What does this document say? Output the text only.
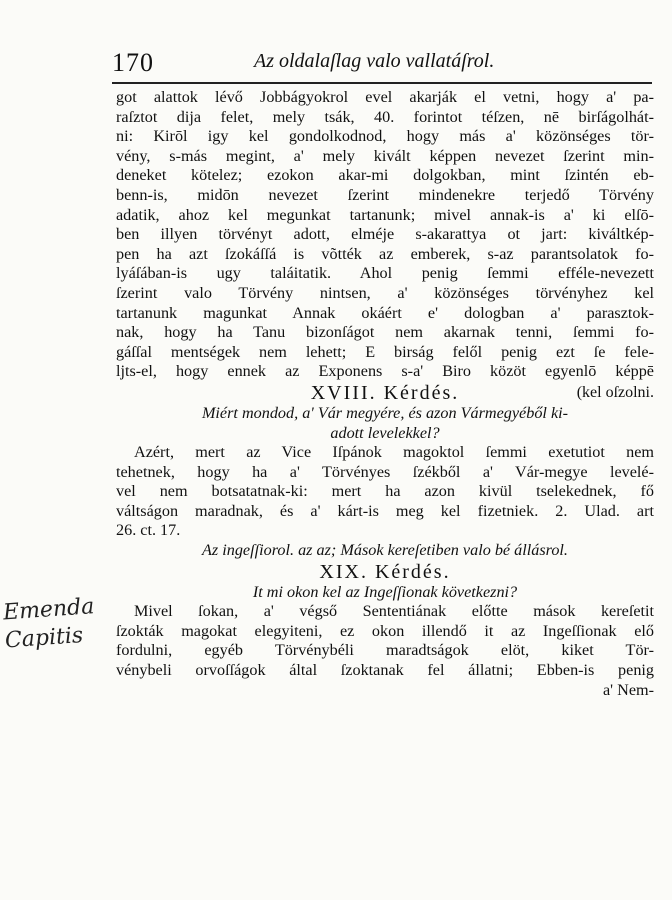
170	Az oldalaſlag valo vallatáſrol.
Emenda
Capitis
got alattok lévő Jobbágyokrol evel akarják el vetni, hogy a' pa-
raſztot dija felet, mely tsák, 40. forintot téſzen, nē birſágolhát-
ni: Kirōl igy kel gondolkodnod, hogy más a' közönséges tör-
vény, s-más megint, a' mely kivált képpen nevezet ſzerint min-
deneket kötelez; ezokon akar-mi dolgokban, mint ſzintén eb-
benn-is, midōn nevezet ſzerint mindenekre terjedő Törvény
adatik, ahoz kel megunkat tartanunk; mivel annak-is a' ki elſō-
ben illyen törvényt adott, elméje s-akarattya ot jart: kiváltkép-
pen ha azt ſzokáſſá is võtték az emberek, s-az parantsolatok fo-
lyáſában-is ugy taláitatik. Ahol penig ſemmi efféle-nevezett
ſzerint valo Törvény nintsen, a' közönséges törvényhez kel
tartanunk magunkat Annak okáért e' dologban a' parasztok-
nak, hogy ha Tanu bizonſágot nem akarnak tenni, ſemmi fo-
gáſſal mentségek nem lehett; E birság felől penig ezt ſe fele-
ljts-el, hogy ennek az Exponens s-a' Biro közöt egyenlō képpē
XVIII. Kérdés.	(kel oſzolni.
Miért mondod, a' Vár megyére, és azon Vármegyéből ki-
adott levelekkel?
Azért, mert az Vice Iſpánok magoktol ſemmi exetutiot nem
tehetnek, hogy ha a' Törvényes ſzékből a' Vár-megye levelé-
vel nem botsatatnak-ki: mert ha azon kivül tselekednek, fő
váltságon maradnak, és a' kárt-is meg kel fizetniek. 2. Ulad. art
26. ct. 17.
Az ingeſſiorol. az az; Mások kereſetiben valo bé állásrol.
XIX. Kérdés.
It mi okon kel az Ingeſſionak következni?
Mivel ſokan, a' végső Sententiának előtte mások kereſetit
ſzokták magokat elegyiteni, ez okon illendő it az Ingeſſionak elő
fordulni, egyéb Törvénybéli maradtságok elöt, kiket Tör-
vénybeli orvoſſágok által ſzoktanak fel állatni; Ebben-is penig
a' Nem-
